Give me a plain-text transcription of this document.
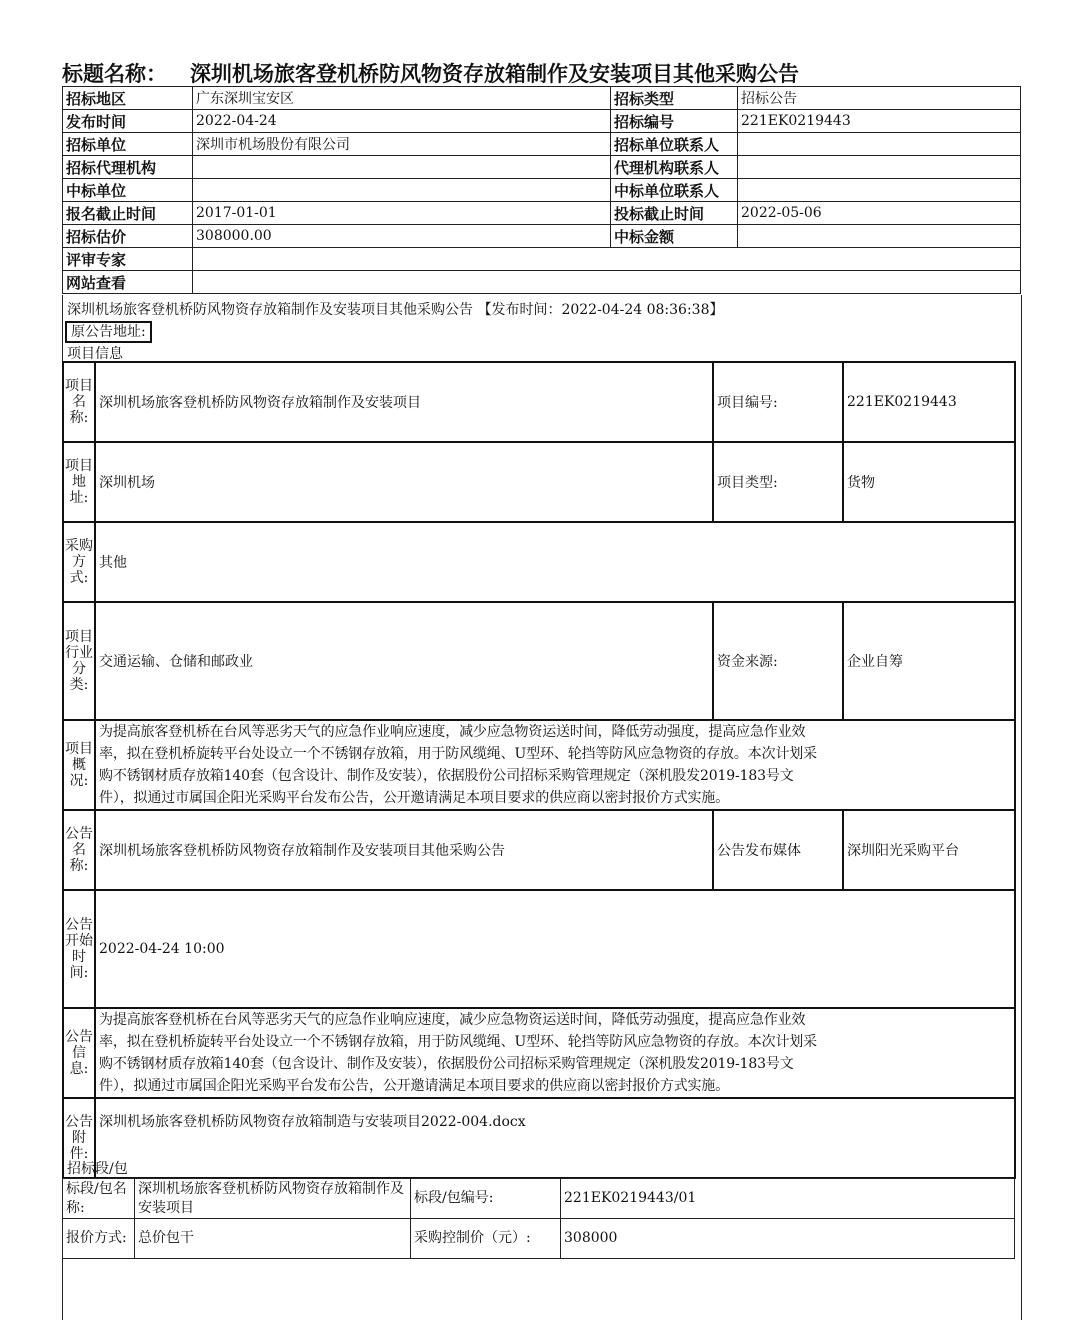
标题名称： 深圳机场旅客登机桥防风物资存放箱制作及安装项目其他采购公告
招标地区	广东深圳宝安区	招标类型	招标公告
发布时间	2022-04-24	招标编号	221EK0219443
招标单位	深圳市机场股份有限公司	招标单位联系人	
招标代理机构		代理机构联系人	
中标单位		中标单位联系人	
报名截止时间	2017-01-01	投标截止时间	2022-05-06
招标估价	308000.00	中标金额	
评审专家			
网站查看			
深圳机场旅客登机桥防风物资存放箱制作及安装项目其他采购公告 【发布时间：2022-04-24 08:36:38】
原公告地址:
项目信息
招标段/包
项目名称:	深圳机场旅客登机桥防风物资存放箱制作及安装项目	项目编号:	221EK0219443
项目地址:	深圳机场	项目类型:	货物
采购方式:	其他		
项目行业分类:	交通运输、仓储和邮政业	资金来源:	企业自筹
项目概况:	为提高旅客登机桥在台风等恶劣天气的应急作业响应速度，减少应急物资运送时间，降低劳动强度，提高应急作业效
率，拟在登机桥旋转平台处设立一个不锈钢存放箱，用于防风缆绳、U型环、轮挡等防风应急物资的存放。本次计划采
购不锈钢材质存放箱140套（包含设计、制作及安装），依据股份公司招标采购管理规定（深机股发2019-183号文
件），拟通过市属国企阳光采购平台发布公告，公开邀请满足本项目要求的供应商以密封报价方式实施。		

公告名称:	深圳机场旅客登机桥防风物资存放箱制作及安装项目其他采购公告	公告发布媒体	深圳阳光采购平台
公告开始时间:	2022-04-24 10:00		
公告信息:	为提高旅客登机桥在台风等恶劣天气的应急作业响应速度，减少应急物资运送时间，降低劳动强度，提高应急作业效
率，拟在登机桥旋转平台处设立一个不锈钢存放箱，用于防风缆绳、U型环、轮挡等防风应急物资的存放。本次计划采
购不锈钢材质存放箱140套（包含设计、制作及安装），依据股份公司招标采购管理规定（深机股发2019-183号文
件），拟通过市属国企阳光采购平台发布公告，公开邀请满足本项目要求的供应商以密封报价方式实施。		

公告附件:	深圳机场旅客登机桥防风物资存放箱制造与安装项目2022-004.docx		
标段/包名称:	深圳机场旅客登机桥防风物资存放箱制作及安装项目	标段/包编号:	221EK0219443/01
报价方式:	总价包干	采购控制价（元）:	308000
